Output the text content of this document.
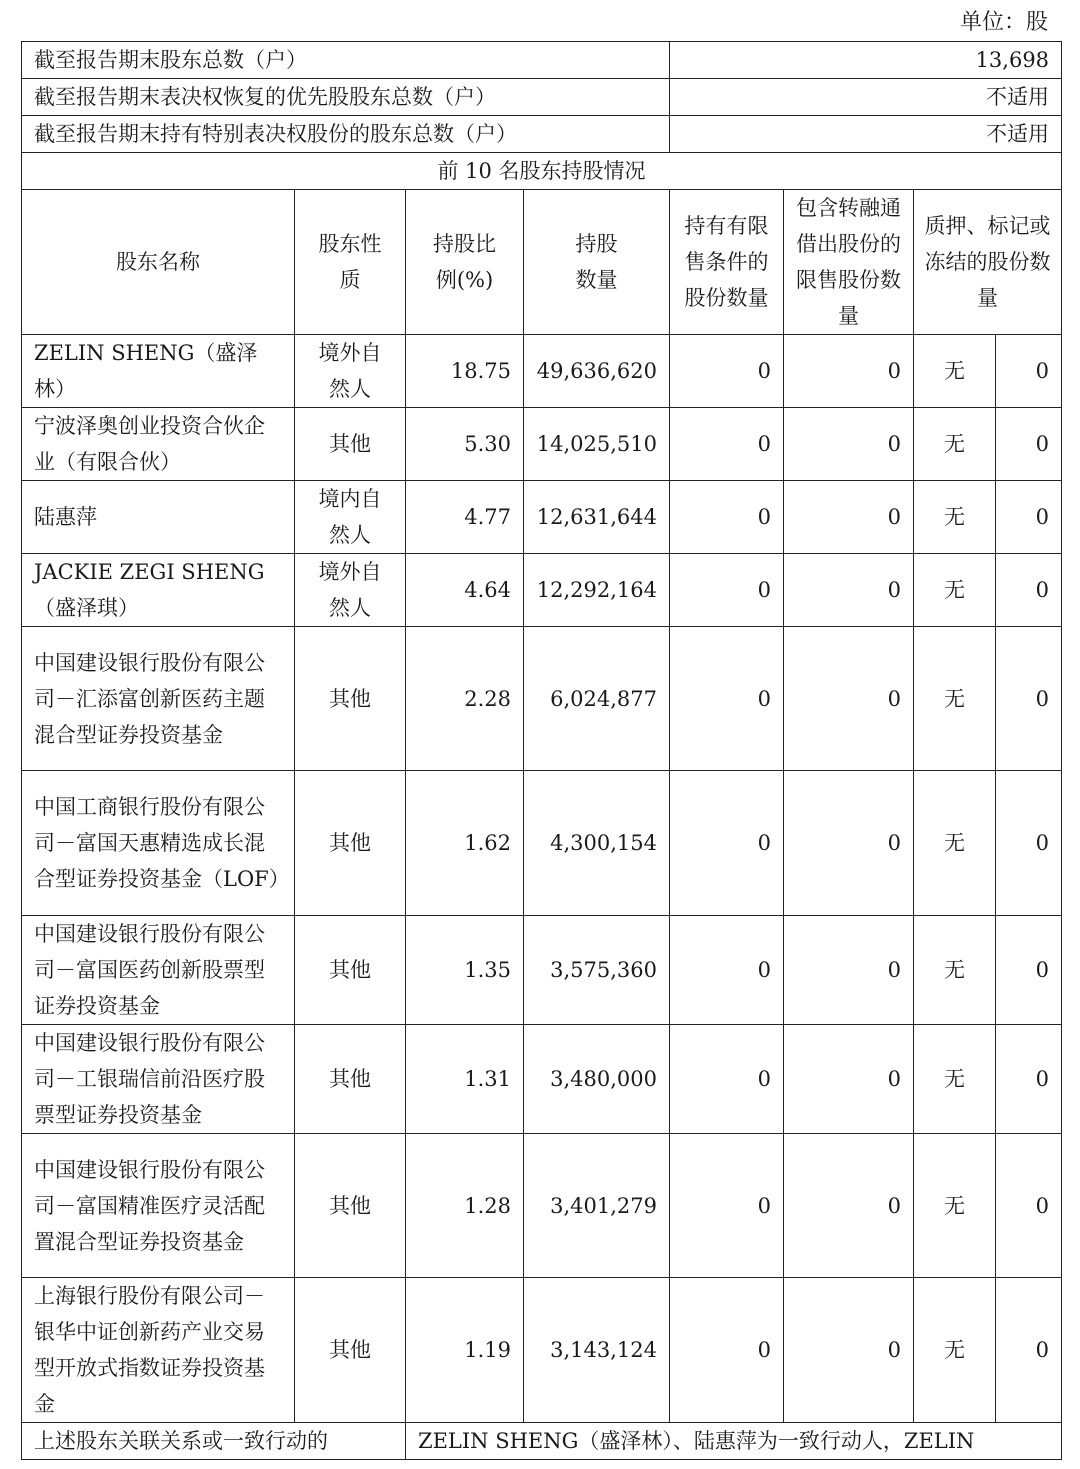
单位：股
截至报告期末股东总数（户）				13,698			
截至报告期末表决权恢复的优先股股东总数（户）				不适用			
截至报告期末持有特别表决权股份的股东总数（户）				不适用			
前 10 名股东持股情况							
股东名称	股东性质	持股比例(%)	持股数量	持有有限售条件的股份数量	包含转融通借出股份的限售股份数量	质押、标记或冻结的股份数量	
ZELIN SHENG（盛泽林）	境外自然人	18.75	49,636,620	0	0	无	0
宁波泽奥创业投资合伙企业（有限合伙）	其他	5.30	14,025,510	0	0	无	0
陆惠萍	境内自然人	4.77	12,631,644	0	0	无	0
JACKIE ZEGI SHENG（盛泽琪）	境外自然人	4.64	12,292,164	0	0	无	0
中国建设银行股份有限公司－汇添富创新医药主题混合型证券投资基金	其他	2.28	6,024,877	0	0	无	0
中国工商银行股份有限公司－富国天惠精选成长混合型证券投资基金（LOF）	其他	1.62	4,300,154	0	0	无	0
中国建设银行股份有限公司－富国医药创新股票型证券投资基金	其他	1.35	3,575,360	0	0	无	0
中国建设银行股份有限公司－工银瑞信前沿医疗股票型证券投资基金	其他	1.31	3,480,000	0	0	无	0
中国建设银行股份有限公司－富国精准医疗灵活配置混合型证券投资基金	其他	1.28	3,401,279	0	0	无	0
上海银行股份有限公司－银华中证创新药产业交易型开放式指数证券投资基金	其他	1.19	3,143,124	0	0	无	0
上述股东关联关系或一致行动的		ZELIN SHENG（盛泽林）、陆惠萍为一致行动人，ZELIN					
